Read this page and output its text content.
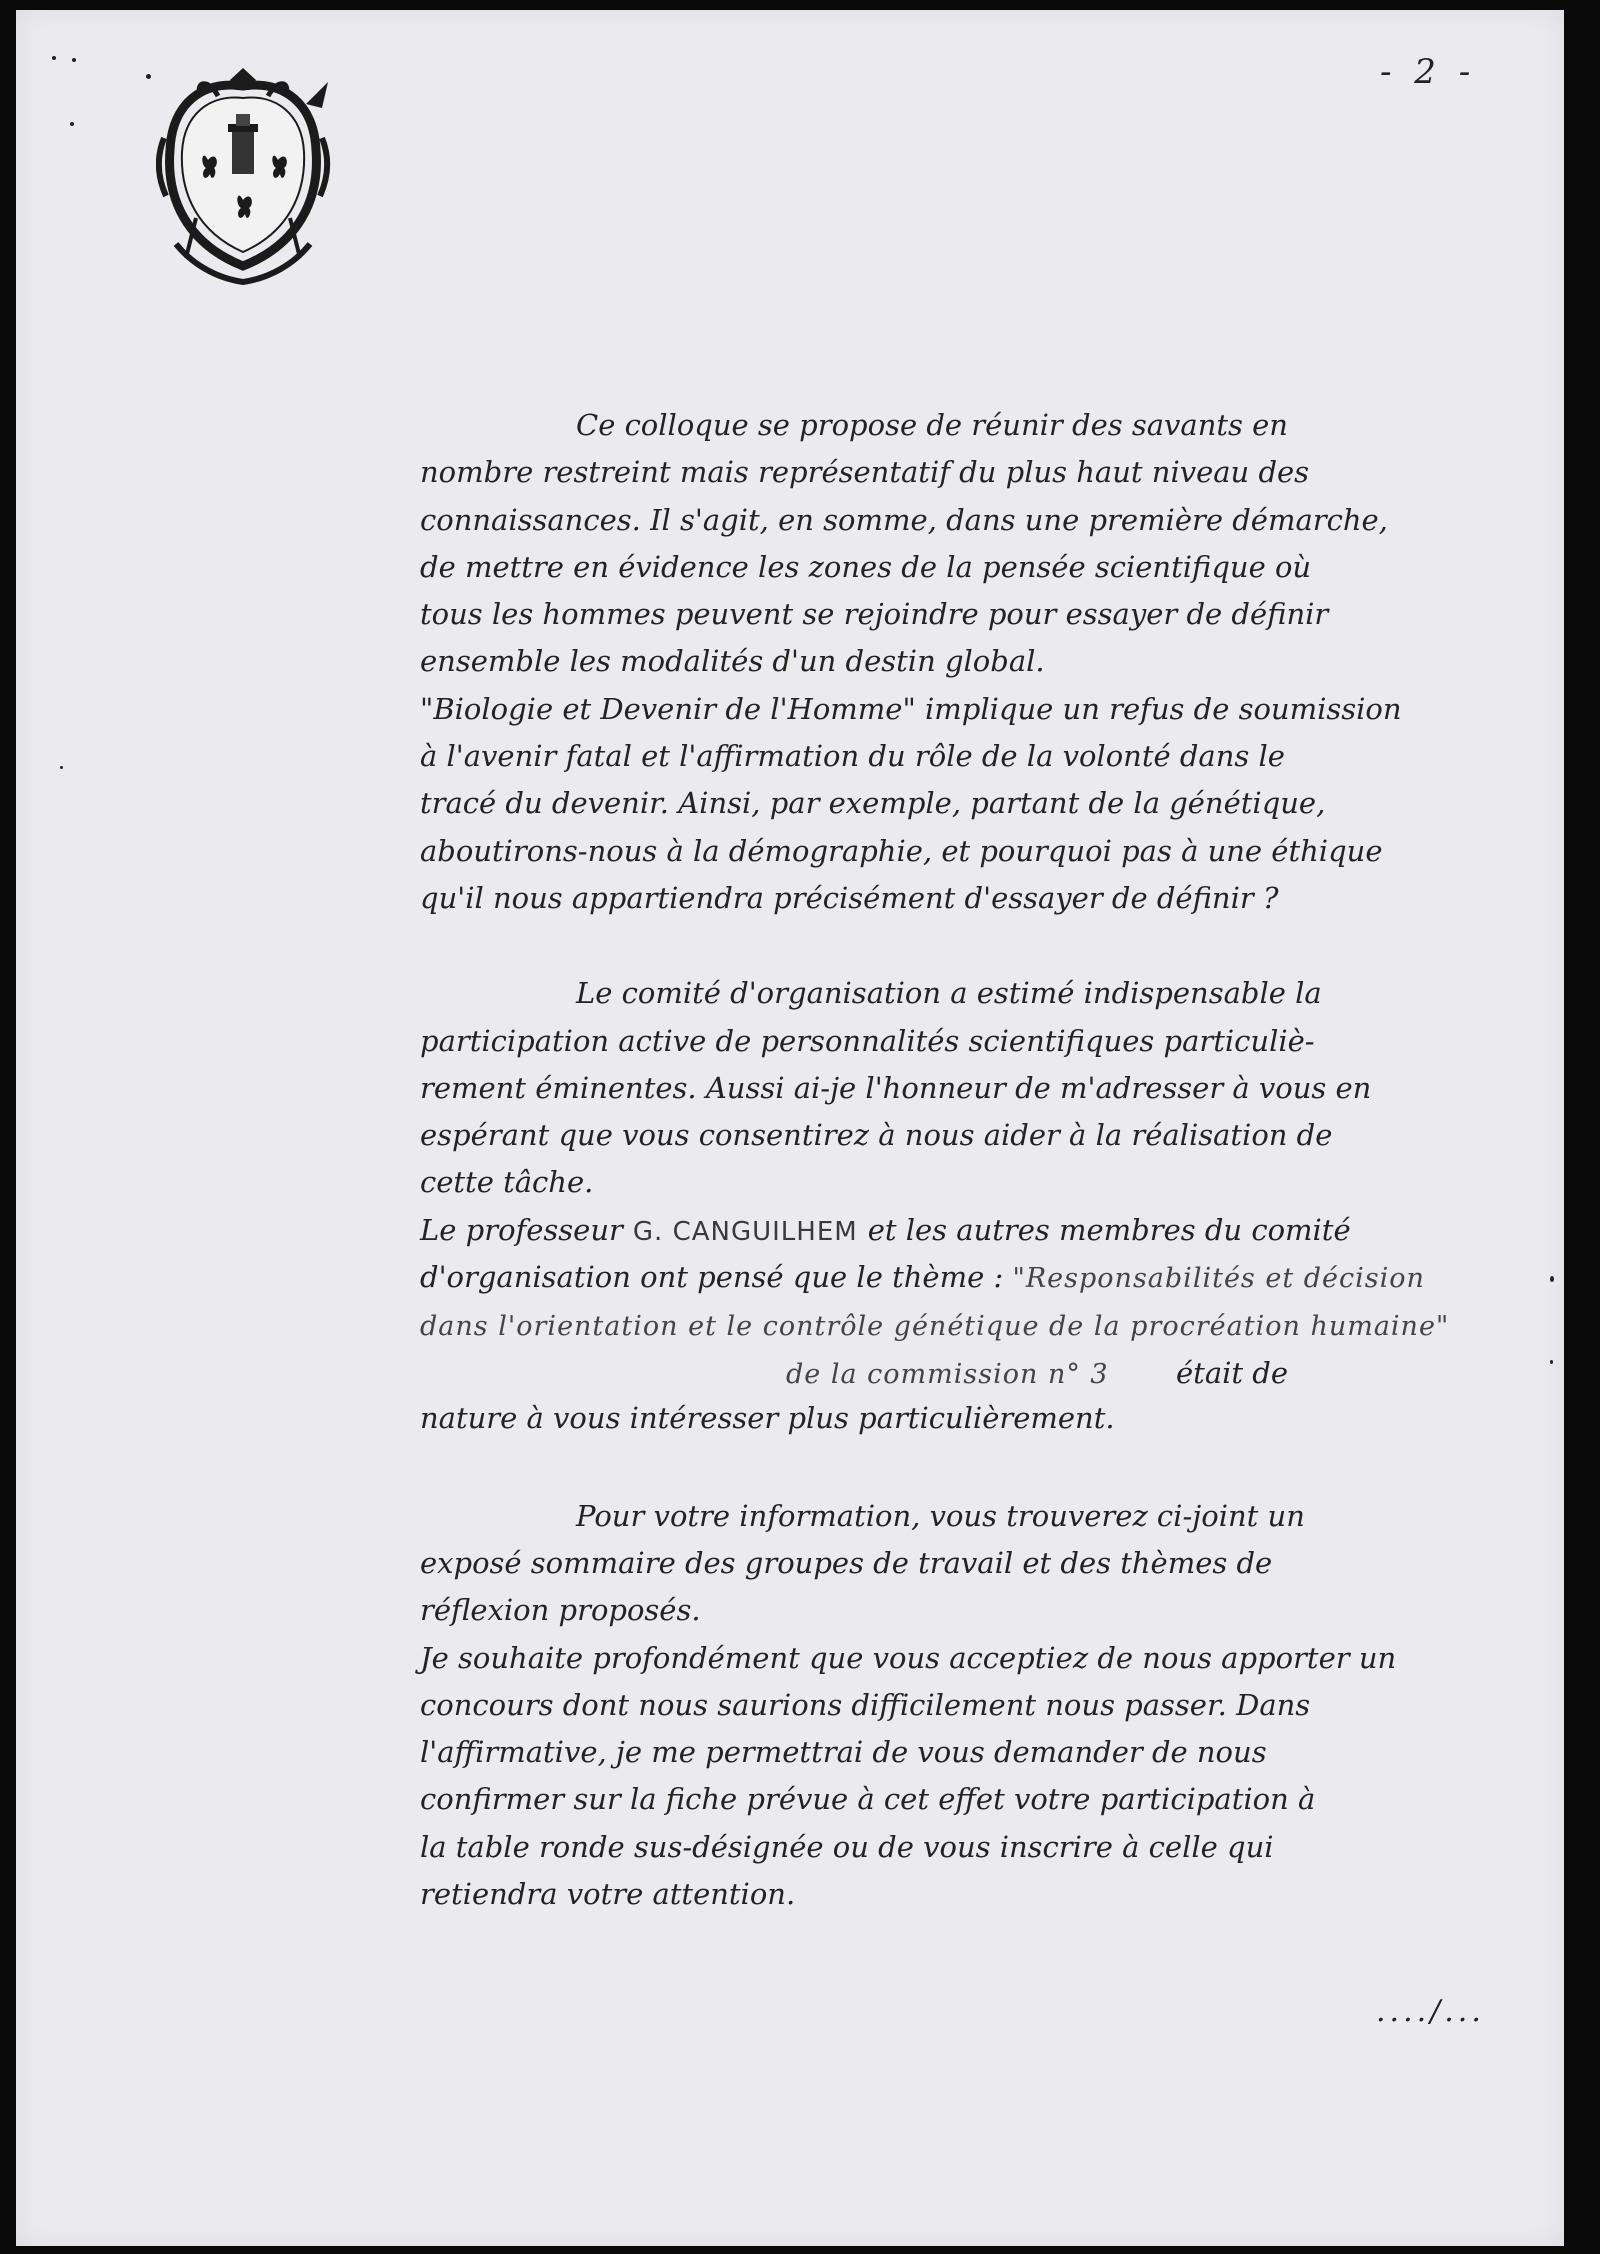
- 2 -
Ce colloque se propose de réunir des savants en
nombre restreint mais représentatif du plus haut niveau des
connaissances. Il s'agit, en somme, dans une première démarche,
de mettre en évidence les zones de la pensée scientifique où
tous les hommes peuvent se rejoindre pour essayer de définir
ensemble les modalités d'un destin global.
"Biologie et Devenir de l'Homme" implique un refus de soumission
à l'avenir fatal et l'affirmation du rôle de la volonté dans le
tracé du devenir. Ainsi, par exemple, partant de la génétique,
aboutirons-nous à la démographie, et pourquoi pas à une éthique
qu'il nous appartiendra précisément d'essayer de définir ?
Le comité d'organisation a estimé indispensable la
participation active de personnalités scientifiques particuliè-
rement éminentes. Aussi ai-je l'honneur de m'adresser à vous en
espérant que vous consentirez à nous aider à la réalisation de
cette tâche.
Le professeur G. CANGUILHEM et les autres membres du comité
d'organisation ont pensé que le thème : "Responsabilités et décision
dans l'orientation et le contrôle génétique de la procréation humaine"
de la commission n° 3 était de
nature à vous intéresser plus particulièrement.
Pour votre information, vous trouverez ci-joint un
exposé sommaire des groupes de travail et des thèmes de
réflexion proposés.
Je souhaite profondément que vous acceptiez de nous apporter un
concours dont nous saurions difficilement nous passer. Dans
l'affirmative, je me permettrai de vous demander de nous
confirmer sur la fiche prévue à cet effet votre participation à
la table ronde sus-désignée ou de vous inscrire à celle qui
retiendra votre attention.
..../...
